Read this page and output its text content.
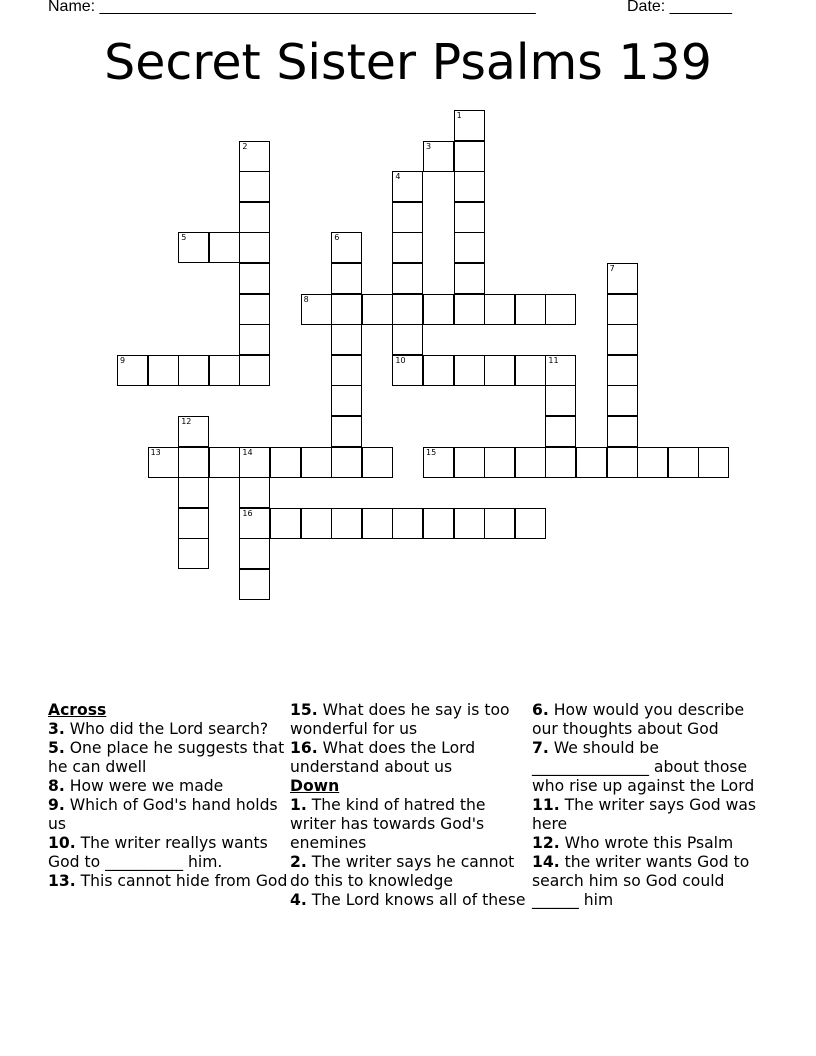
Name: _________________________________________________	Date: _______
Secret Sister Psalms 139
1
2	3
4
5	6
7
8
9	10	11
12
13	14
16
15

Across

3. Who did the Lord search?

5. One place he suggests that he can dwell

8. How were we made

9. Which of God's hand holds us

10. The writer reallys wants God to __________ him.

13. This cannot hide from God

15. What does he say is too wonderful for us

16. What does the Lord understand about us

Down

1. The kind of hatred the writer has towards God's enemines

2. The writer says he cannot do this to knowledge

4. The Lord knows all of these

6. How would you describe our thoughts about God

7. We should be _______________ about those who rise up against the Lord

11. The writer says God was here

12. Who wrote this Psalm

14. the writer wants God to search him so God could ______ him
